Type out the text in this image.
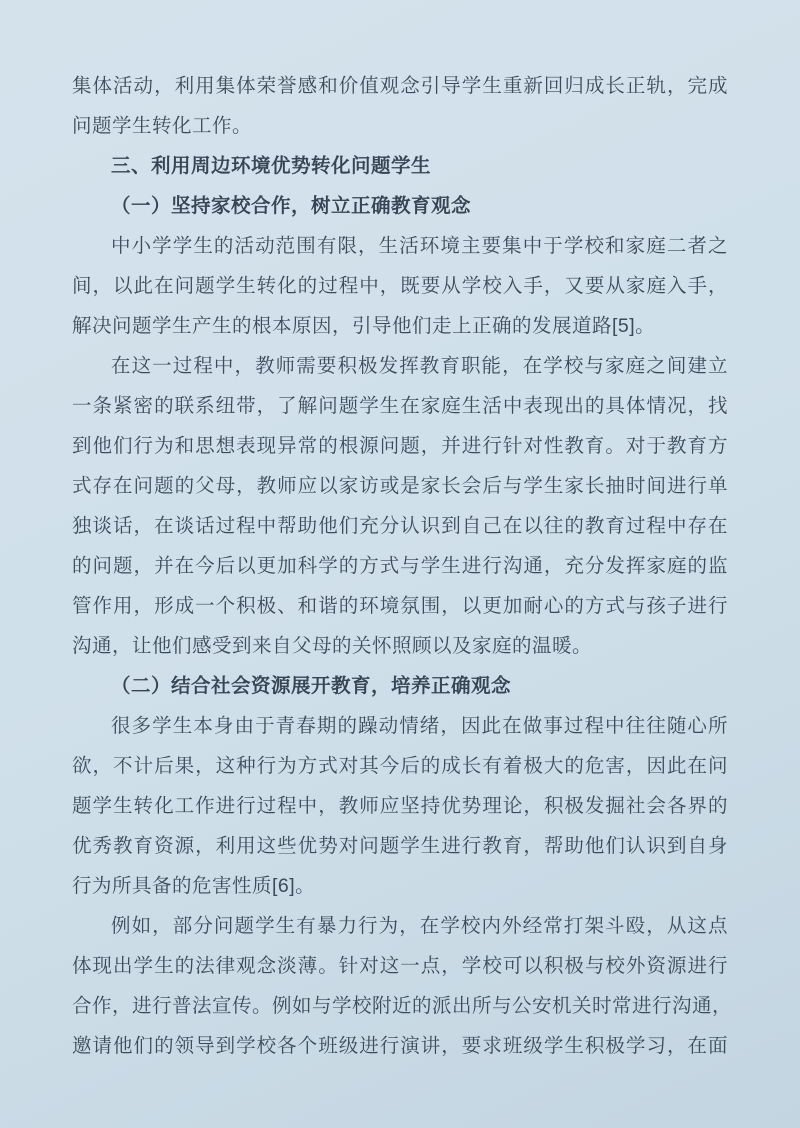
集体活动，利用集体荣誉感和价值观念引导学生重新回归成长正轨，完成
问题学生转化工作。
三、利用周边环境优势转化问题学生
（一）坚持家校合作，树立正确教育观念
中小学学生的活动范围有限，生活环境主要集中于学校和家庭二者之
间，以此在问题学生转化的过程中，既要从学校入手，又要从家庭入手，
解决问题学生产生的根本原因，引导他们走上正确的发展道路[5]。
在这一过程中，教师需要积极发挥教育职能，在学校与家庭之间建立
一条紧密的联系纽带，了解问题学生在家庭生活中表现出的具体情况，找
到他们行为和思想表现异常的根源问题，并进行针对性教育。对于教育方
式存在问题的父母，教师应以家访或是家长会后与学生家长抽时间进行单
独谈话，在谈话过程中帮助他们充分认识到自己在以往的教育过程中存在
的问题，并在今后以更加科学的方式与学生进行沟通，充分发挥家庭的监
管作用，形成一个积极、和谐的环境氛围，以更加耐心的方式与孩子进行
沟通，让他们感受到来自父母的关怀照顾以及家庭的温暖。
（二）结合社会资源展开教育，培养正确观念
很多学生本身由于青春期的躁动情绪，因此在做事过程中往往随心所
欲，不计后果，这种行为方式对其今后的成长有着极大的危害，因此在问
题学生转化工作进行过程中，教师应坚持优势理论，积极发掘社会各界的
优秀教育资源，利用这些优势对问题学生进行教育，帮助他们认识到自身
行为所具备的危害性质[6]。
例如，部分问题学生有暴力行为，在学校内外经常打架斗殴，从这点
体现出学生的法律观念淡薄。针对这一点，学校可以积极与校外资源进行
合作，进行普法宣传。例如与学校附近的派出所与公安机关时常进行沟通，
邀请他们的领导到学校各个班级进行演讲，要求班级学生积极学习，在面
